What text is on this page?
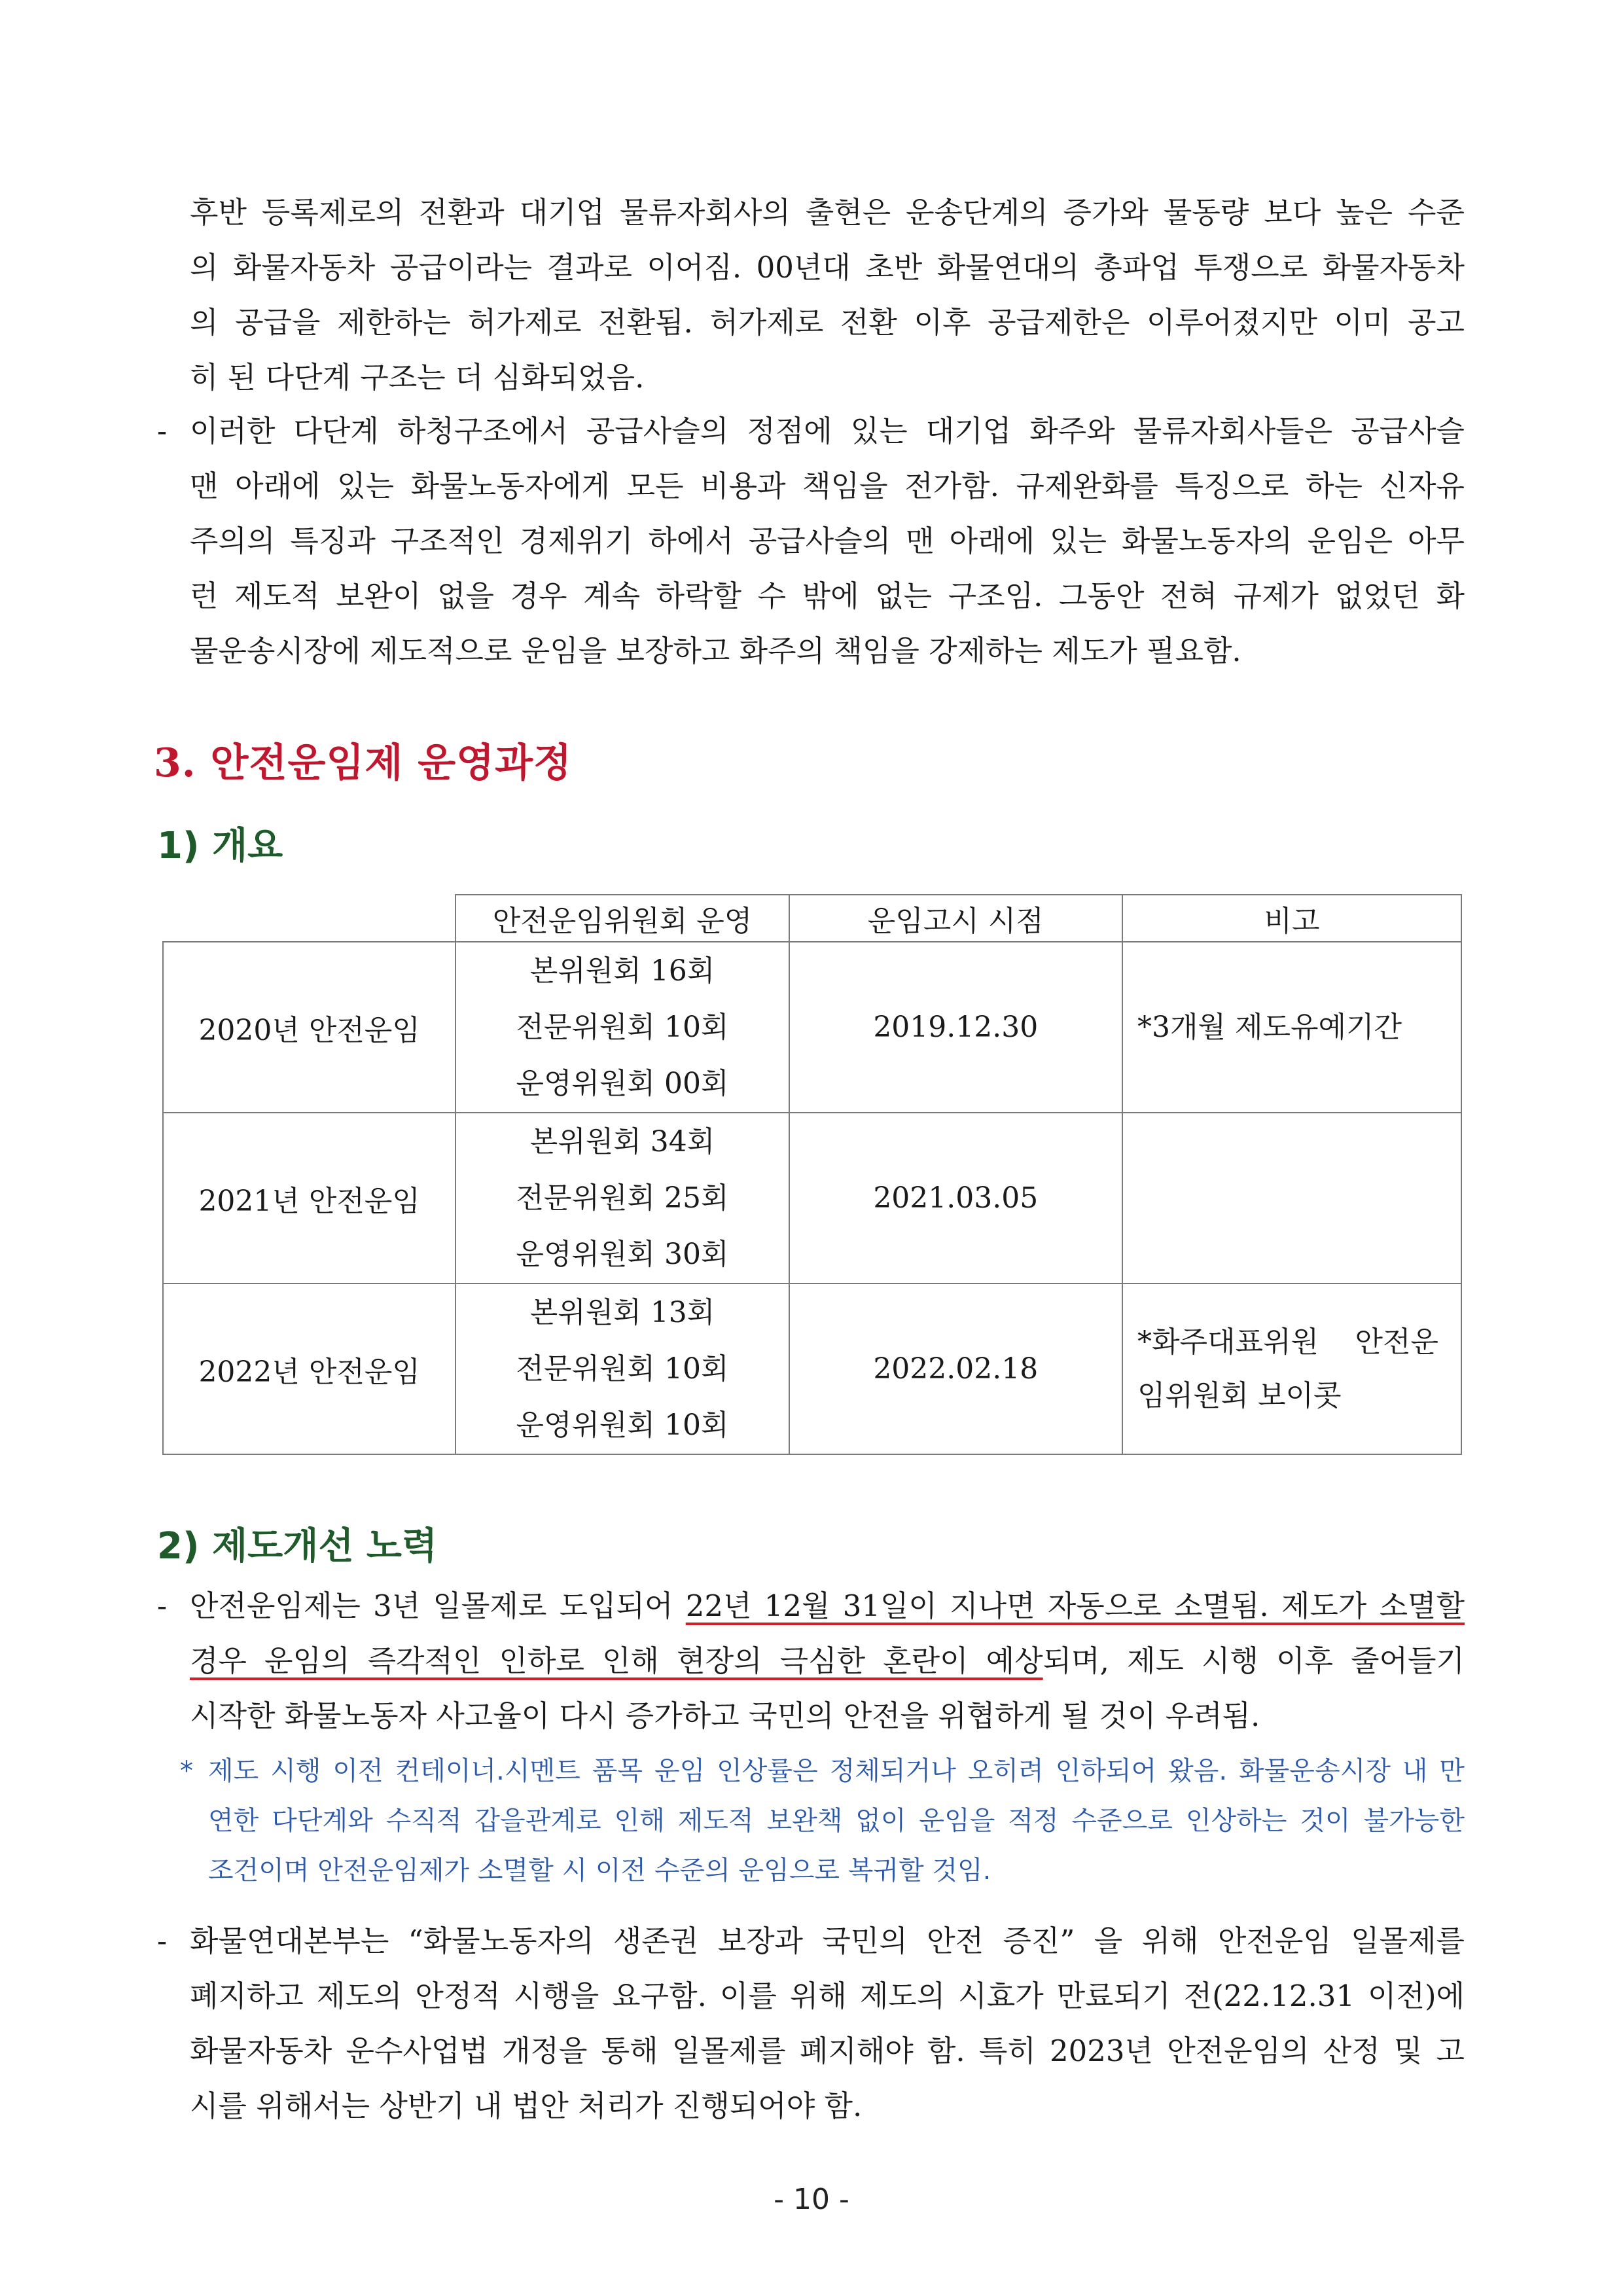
후반 등록제로의 전환과 대기업 물류자회사의 출현은 운송단계의 증가와 물동량 보다 높은 수준
의 화물자동차 공급이라는 결과로 이어짐. 00년대 초반 화물연대의 총파업 투쟁으로 화물자동차
의 공급을 제한하는 허가제로 전환됨. 허가제로 전환 이후 공급제한은 이루어졌지만 이미 공고
히 된 다단계 구조는 더 심화되었음.
- 이러한 다단계 하청구조에서 공급사슬의 정점에 있는 대기업 화주와 물류자회사들은 공급사슬
맨 아래에 있는 화물노동자에게 모든 비용과 책임을 전가함. 규제완화를 특징으로 하는 신자유
주의의 특징과 구조적인 경제위기 하에서 공급사슬의 맨 아래에 있는 화물노동자의 운임은 아무
런 제도적 보완이 없을 경우 계속 하락할 수 밖에 없는 구조임. 그동안 전혀 규제가 없었던 화
물운송시장에 제도적으로 운임을 보장하고 화주의 책임을 강제하는 제도가 필요함.
3. 안전운임제 운영과정
1) 개요
	안전운임위원회 운영	운임고시 시점	비고
2020년 안전운임	본위원회 16회
전문위원회 10회
운영위원회 00회	2019.12.30	*3개월 제도유예기간
2021년 안전운임	본위원회 34회
전문위원회 25회
운영위원회 30회	2021.03.05	
2022년 안전운임	본위원회 13회
전문위원회 10회
운영위원회 10회	2022.02.18	*화주대표위원 안전운
임위원회 보이콧
2) 제도개선 노력
- 안전운임제는 3년 일몰제로 도입되어 22년 12월 31일이 지나면 자동으로 소멸됨. 제도가 소멸할
경우 운임의 즉각적인 인하로 인해 현장의 극심한 혼란이 예상되며, 제도 시행 이후 줄어들기
시작한 화물노동자 사고율이 다시 증가하고 국민의 안전을 위협하게 될 것이 우려됨.
* 제도 시행 이전 컨테이너.시멘트 품목 운임 인상률은 정체되거나 오히려 인하되어 왔음. 화물운송시장 내 만
연한 다단계와 수직적 갑을관계로 인해 제도적 보완책 없이 운임을 적정 수준으로 인상하는 것이 불가능한
조건이며 안전운임제가 소멸할 시 이전 수준의 운임으로 복귀할 것임.
- 화물연대본부는 “화물노동자의 생존권 보장과 국민의 안전 증진” 을 위해 안전운임 일몰제를
폐지하고 제도의 안정적 시행을 요구함. 이를 위해 제도의 시효가 만료되기 전(22.12.31 이전)에
화물자동차 운수사업법 개정을 통해 일몰제를 폐지해야 함. 특히 2023년 안전운임의 산정 및 고
시를 위해서는 상반기 내 법안 처리가 진행되어야 함.
- 10 -
